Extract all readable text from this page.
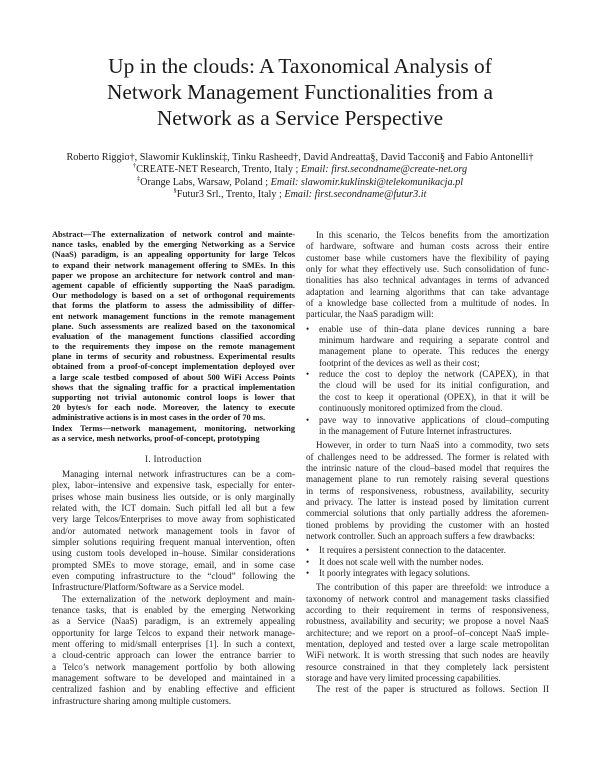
Up in the clouds: A Taxonomical Analysis of
Network Management Functionalities from a
Network as a Service Perspective
Roberto Riggio†, Slawomir Kuklinski‡, Tinku Rasheed†, David Andreatta§, David Tacconi§ and Fabio Antonelli†
†CREATE-NET Research, Trento, Italy ; Email: first.secondname@create-net.org
‡Orange Labs, Warsaw, Poland ; Email: slawomir.kuklinski@telekomunikacja.pl
§Futur3 Srl., Trento, Italy ; Email: first.secondname@futur3.it
Abstract—The externalization of network control and mainte-
nance tasks, enabled by the emerging Networking as a Service
(NaaS) paradigm, is an appealing opportunity for large Telcos
to expand their network management offering to SMEs. In this
paper we propose an architecture for network control and man-
agement capable of efficiently supporting the NaaS paradigm.
Our methodology is based on a set of orthogonal requirements
that forms the platform to assess the admissibility of differ-
ent network management functions in the remote management
plane. Such assessments are realized based on the taxonomical
evaluation of the management functions classified according
to the requirements they impose on the remote management
plane in terms of security and robustness. Experimental results
obtained from a proof-of-concept implementation deployed over
a large scale testbed composed of about 500 WiFi Access Points
shows that the signaling traffic for a practical implementation
supporting not trivial autonomic control loops is lower that
20 bytes/s for each node. Moreover, the latency to execute
administrative actions is in most cases in the order of 70 ms.
Index Terms—network management, monitoring, networking
as a service, mesh networks, proof-of-concept, prototyping
I. Introduction
Managing internal network infrastructures can be a com-
plex, labor–intensive and expensive task, especially for enter-
prises whose main business lies outside, or is only marginally
related with, the ICT domain. Such pitfall led all but a few
very large Telcos/Enterprises to move away from sophisticated
and/or automated network management tools in favor of
simpler solutions requiring frequent manual intervention, often
using custom tools developed in–house. Similar considerations
prompted SMEs to move storage, email, and in some case
even computing infrastructure to the “cloud” following the
Infrastructure/Platform/Software as a Service model.
The externalization of the network deployment and main-
tenance tasks, that is enabled by the emerging Networking
as a Service (NaaS) paradigm, is an extremely appealing
opportunity for large Telcos to expand their network manage-
ment offering to mid/small enterprises [1]. In such a context,
a cloud-centric approach can lower the entrance barrier to
a Telco’s network management portfolio by both allowing
management software to be developed and maintained in a
centralized fashion and by enabling effective and efficient
infrastructure sharing among multiple customers.
In this scenario, the Telcos benefits from the amortization
of hardware, software and human costs across their entire
customer base while customers have the flexibility of paying
only for what they effectively use. Such consolidation of func-
tionalities has also technical advantages in terms of advanced
adaptation and learning algorithms that can take advantage
of a knowledge base collected from a multitude of nodes. In
particular, the NaaS paradigm will:
• enable use of thin–data plane devices running a bare
minimum hardware and requiring a separate control and
management plane to operate. This reduces the energy
footprint of the devices as well as their cost;
• reduce the cost to deploy the network (CAPEX), in that
the cloud will be used for its initial configuration, and
the cost to keep it operational (OPEX), in that it will be
continuously monitored optimized from the cloud.
• pave way to innovative applications of cloud–computing
in the management of Future Internet infrastructures.
However, in order to turn NaaS into a commodity, two sets
of challenges need to be addressed. The former is related with
the intrinsic nature of the cloud–based model that requires the
management plane to run remotely raising several questions
in terms of responsiveness, robustness, availability, security
and privacy. The latter is instead posed by limitation current
commercial solutions that only partially address the aforemen-
tioned problems by providing the customer with an hosted
network controller. Such an approach suffers a few drawbacks:
• It requires a persistent connection to the datacenter.
• It does not scale well with the number nodes.
• It poorly integrates with legacy solutions.
The contribution of this paper are threefold: we introduce a
taxonomy of network control and management tasks classified
according to their requirement in terms of responsiveness,
robustness, availability and security; we propose a novel NaaS
architecture; and we report on a proof–of–concept NaaS imple-
mentation, deployed and tested over a large scale metropolitan
WiFi network. It is worth stressing that such nodes are heavily
resource constrained in that they completely lack persistent
storage and have very limited processing capabilities.
The rest of the paper is structured as follows. Section II
